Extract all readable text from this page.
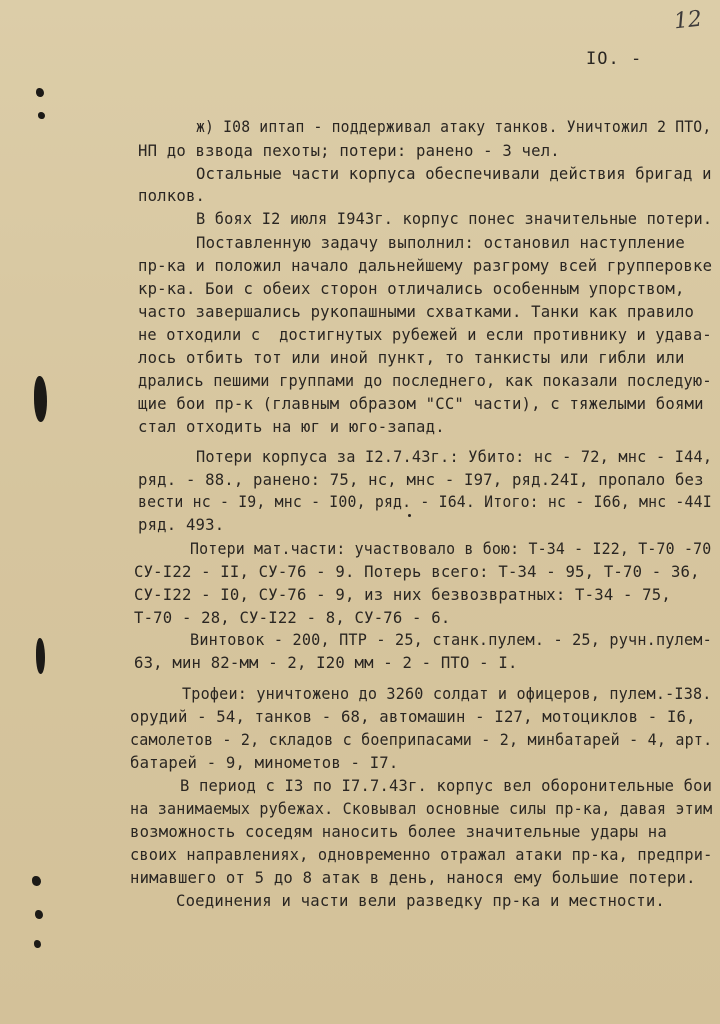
12
IO. -
ж) I08 иптап - поддерживал атаку танков. Уничтожил 2 ПТО,
НП до взвода пехоты; потери: ранено - 3 чел.
Остальные части корпуса обеспечивали действия бригад и
полков.
В боях I2 июля I943г. корпус понес значительные потери.
Поставленную задачу выполнил: остановил наступление
пр-ка и положил начало дальнейшему разгрому всей групперовке
кр-ка. Бои с обеих сторон отличались особенным упорством,
часто завершались рукопашными схватками. Танки как правило
не отходили с  достигнутых рубежей и если противнику и удава-
лось отбить тот или иной пункт, то танкисты или гибли или
дрались пешими группами до последнего, как показали последую-
щие бои пр-к (главным образом "СС" части), с тяжелыми боями
стал отходить на юг и юго-запад.
Потери корпуса за I2.7.43г.: Убито: нс - 72, мнс - I44,
ряд. - 88., ранено: 75, нс, мнс - I97, ряд.24I, пропало без
вести нс - I9, мнс - I00, ряд. - I64. Итого: нс - I66, мнс -44I
ряд. 493.
Потери мат.части: участвовало в бою: Т-34 - I22, Т-70 -70
СУ-I22 - II, СУ-76 - 9. Потерь всего: Т-34 - 95, Т-70 - 36,
СУ-I22 - I0, СУ-76 - 9, из них безвозвратных: Т-34 - 75,
Т-70 - 28, СУ-I22 - 8, СУ-76 - 6.
Винтовок - 200, ПТР - 25, станк.пулем. - 25, ручн.пулем-
63, мин 82-мм - 2, I20 мм - 2 - ПТО - I.
Трофеи: уничтожено до 3260 солдат и офицеров, пулем.-I38.
орудий - 54, танков - 68, автомашин - I27, мотоциклов - I6,
самолетов - 2, складов с боеприпасами - 2, минбатарей - 4, арт.
батарей - 9, минометов - I7.
В период с I3 по I7.7.43г. корпус вел оборонительные бои
на занимаемых рубежах. Сковывал основные силы пр-ка, давая этим
возможность соседям наносить более значительные удары на
своих направлениях, одновременно отражал атаки пр-ка, предпри-
нимавшего от 5 до 8 атак в день, нанося ему большие потери.
Соединения и части вели разведку пр-ка и местности.
